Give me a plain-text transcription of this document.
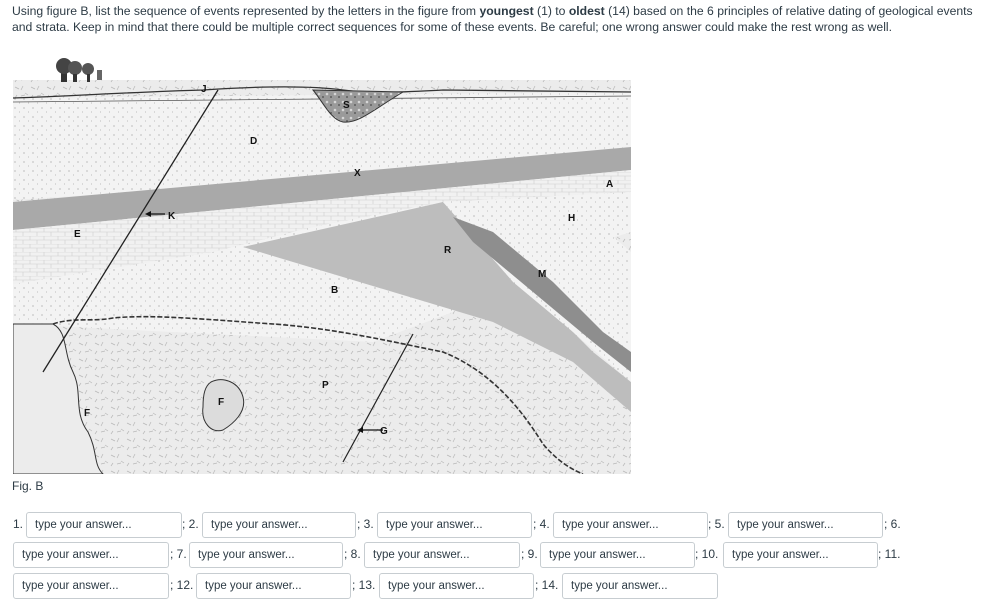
Using figure B, list the sequence of events represented by the letters in the figure from youngest (1) to oldest (14) based on the 6 principles of relative dating of geological events and strata. Keep in mind that there could be multiple correct sequences for some of these events. Be careful; one wrong answer could make the rest wrong as well.
J
S
D
X
A
K	H
E
R
M
B
P
F
F
G
Fig. B
1.
type your answer...	; 2.
type your answer...	; 3.
type your answer...	; 4.
type your answer...	; 5.
type your answer...	; 6.
type your answer...
; 7.
type your answer...	; 8.
type your answer...	; 9.
type your answer...	; 10.
type your answer...	; 11.
type your answer...
; 12.
type your answer...	; 13.
type your answer...	; 14.
type your answer...
